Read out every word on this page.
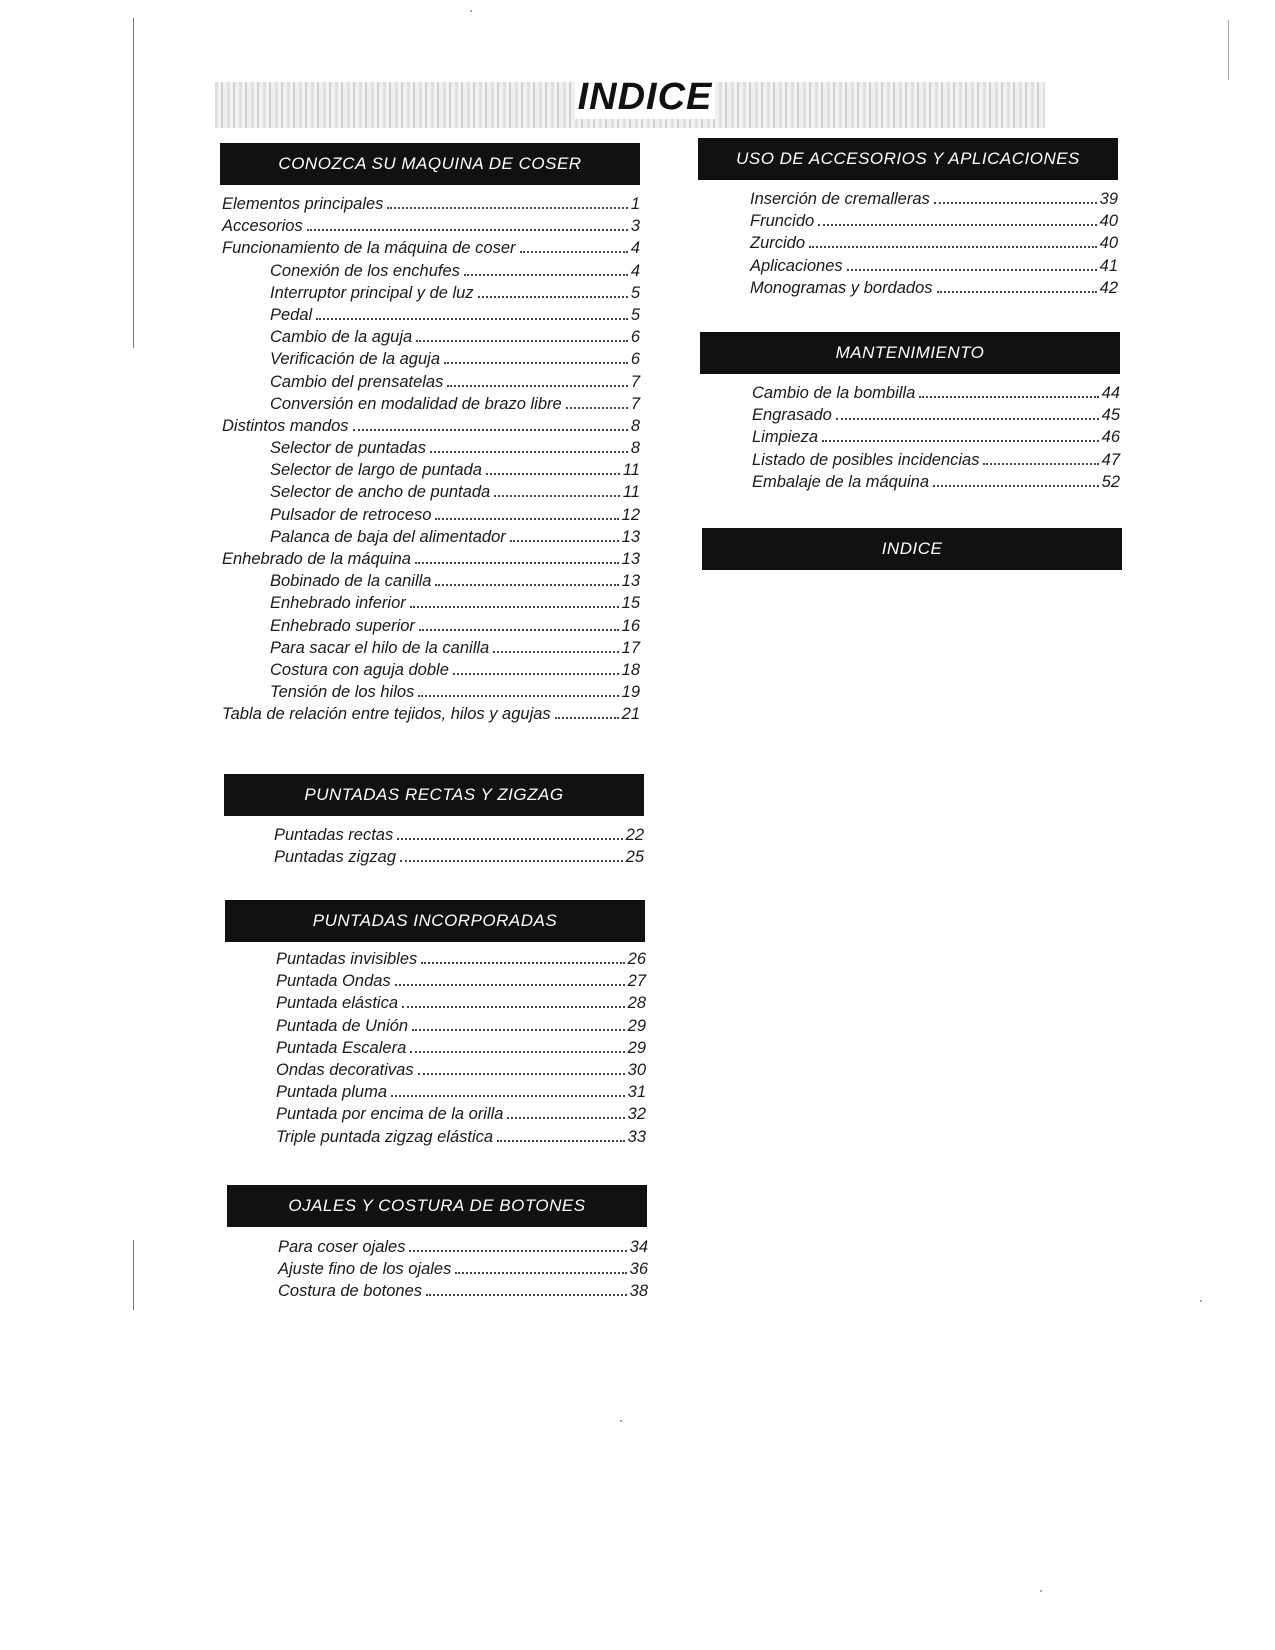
INDICE
CONOZCA SU MAQUINA DE COSER
Elementos principales	1
Accesorios	3
Funcionamiento de la máquina de coser	4
Conexión de los enchufes	4
Interruptor principal y de luz	5
Pedal	5
Cambio de la aguja	6
Verificación de la aguja	6
Cambio del prensatelas	7
Conversión en modalidad de brazo libre	7
Distintos mandos	8
Selector de puntadas	8
Selector de largo de puntada	11
Selector de ancho de puntada	11
Pulsador de retroceso	12
Palanca de baja del alimentador	13
Enhebrado de la máquina	13
Bobinado de la canilla	13
Enhebrado inferior	15
Enhebrado superior	16
Para sacar el hilo de la canilla	17
Costura con aguja doble	18
Tensión de los hilos	19
Tabla de relación entre tejidos, hilos y agujas	21
PUNTADAS RECTAS Y ZIGZAG
Puntadas rectas	22
Puntadas zigzag	25
PUNTADAS INCORPORADAS
Puntadas invisibles	26
Puntada Ondas	27
Puntada elástica	28
Puntada de Unión	29
Puntada Escalera	29
Ondas decorativas	30
Puntada pluma	31
Puntada por encima de la orilla	32
Triple puntada zigzag elástica	33
OJALES Y COSTURA DE BOTONES
Para coser ojales	34
Ajuste fino de los ojales	36
Costura de botones	38
USO DE ACCESORIOS Y APLICACIONES
Inserción de cremalleras	39
Fruncido	40
Zurcido	40
Aplicaciones	41
Monogramas y bordados	42
MANTENIMIENTO
Cambio de la bombilla	44
Engrasado	45
Limpieza	46
Listado de posibles incidencias	47
Embalaje de la máquina	52
INDICE
